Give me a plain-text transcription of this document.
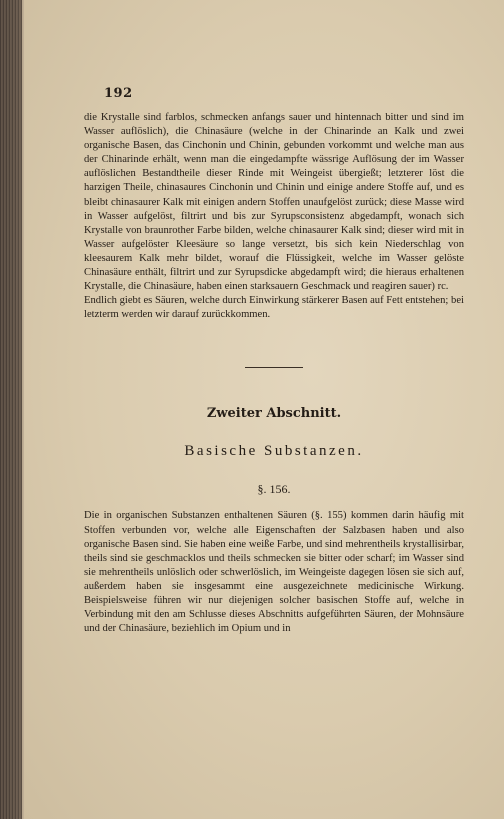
192

die Krystalle sind farblos, schmecken anfangs sauer und hintennach bitter und sind im Wasser auflöslich), die Chinasäure (welche in der Chinarinde an Kalk und zwei organische Basen, das Cinchonin und Chinin, gebunden vorkommt und welche man aus der Chinarinde erhält, wenn man die eingedampfte wässrige Auflösung der im Wasser auflöslichen Bestandtheile dieser Rinde mit Weingeist übergießt; letzterer löst die harzigen Theile, chinasaures Cinchonin und Chinin und einige andere Stoffe auf, und es bleibt chinasaurer Kalk mit einigen andern Stoffen unaufgelöst zurück; diese Masse wird in Wasser aufgelöst, filtrirt und bis zur Syrupsconsistenz abgedampft, wonach sich Krystalle von braunrother Farbe bilden, welche chinasaurer Kalk sind; dieser wird mit in Wasser aufgelöster Kleesäure so lange versetzt, bis sich kein Niederschlag von kleesaurem Kalk mehr bildet, worauf die Flüssigkeit, welche im Wasser gelöste Chinasäure enthält, filtrirt und zur Syrupsdicke abgedampft wird; die hieraus erhaltenen Krystalle, die Chinasäure, haben einen starksauern Geschmack und reagiren sauer) rc.

Endlich giebt es Säuren, welche durch Einwirkung stärkerer Basen auf Fett entstehen; bei letzterm werden wir darauf zurückkommen.

Zweiter Abschnitt.
Basische Substanzen.
§. 156.

Die in organischen Substanzen enthaltenen Säuren (§. 155) kommen darin häufig mit Stoffen verbunden vor, welche alle Eigenschaften der Salzbasen haben und also organische Basen sind. Sie haben eine weiße Farbe, und sind mehrentheils krystallisirbar, theils sind sie geschmacklos und theils schmecken sie bitter oder scharf; im Wasser sind sie mehrentheils unlöslich oder schwerlöslich, im Weingeiste dagegen lösen sie sich auf, außerdem haben sie insgesammt eine ausgezeichnete medicinische Wirkung. Beispielsweise führen wir nur diejenigen solcher basischen Stoffe auf, welche in Verbindung mit den am Schlusse dieses Abschnitts aufgeführten Säuren, der Mohnsäure und der Chinasäure, beziehlich im Opium und in
